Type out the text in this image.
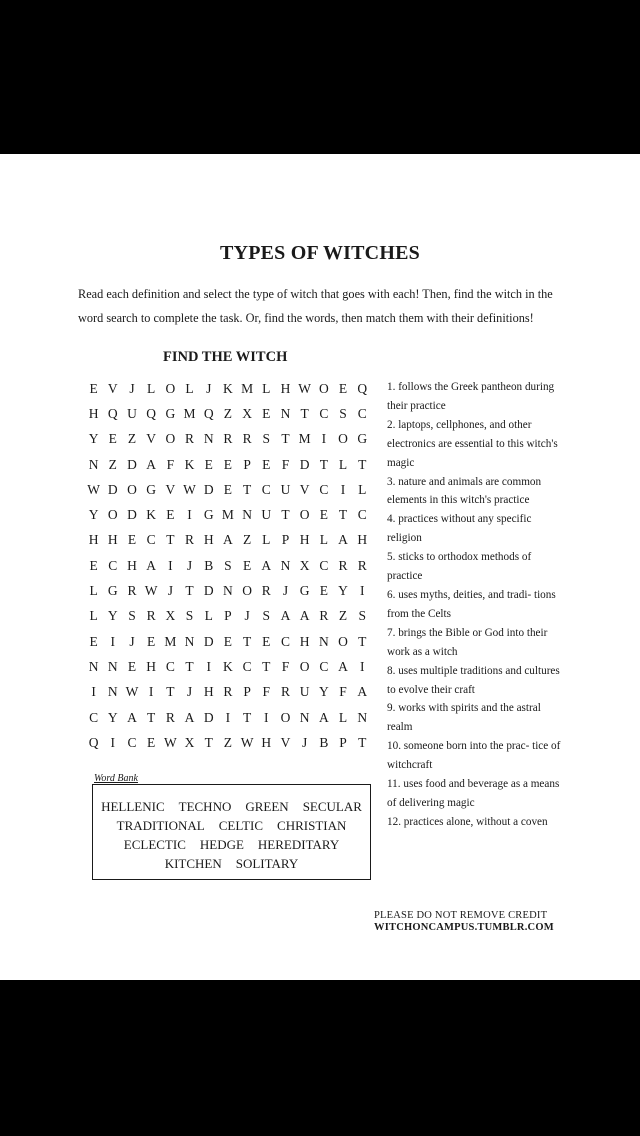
TYPES OF WITCHES
Read each definition and select the type of witch that goes with each! Then, find the witch in the word search to complete the task. Or, find the words, then match them with their definitions!
FIND THE WITCH
E V J L O L J K M L H W O E Q
H Q U Q G M Q Z X E N T C S C
Y E Z V O R N R R S T M I O G
N Z D A F K E E P E F D T L T
W D O G V W D E T C U V C I L
Y O D K E I G M N U T O E T C
H H E C T R H A Z L P H L A H
E C H A I	J B S E A N X C R R
L G R W J T D N O R J G E Y I
L Y S R X S L P J S A A R Z S
E I	J E M N D E T E C H N O T
N N E H C T I K C T F O C A I
I N W I T J H R P F R U Y F A
C Y A T R A D I T I O N A L N
Q I C E W X T Z W H V J B P T
1. follows the Greek pantheon during their practice
2. laptops, cellphones, and other electronics are essential to this witch's magic
3. nature and animals are common elements in this witch's practice
4. practices without any specific religion
5. sticks to orthodox methods of practice
6. uses myths, deities, and tradi- tions from the Celts
7. brings the Bible or God into their work as a witch
8. uses multiple traditions and cultures to evolve their craft
9. works with spirits and the astral realm
10. someone born into the prac- tice of witchcraft
11. uses food and beverage as a means of delivering magic
12. practices alone, without a coven
Word Bank
HELLENIC TECHNO GREEN SECULAR
TRADITIONAL CELTIC CHRISTIAN
ECLECTIC HEDGE HEREDITARY
KITCHEN SOLITARY
PLEASE DO NOT REMOVE CREDIT
WITCHONCAMPUS.TUMBLR.COM
